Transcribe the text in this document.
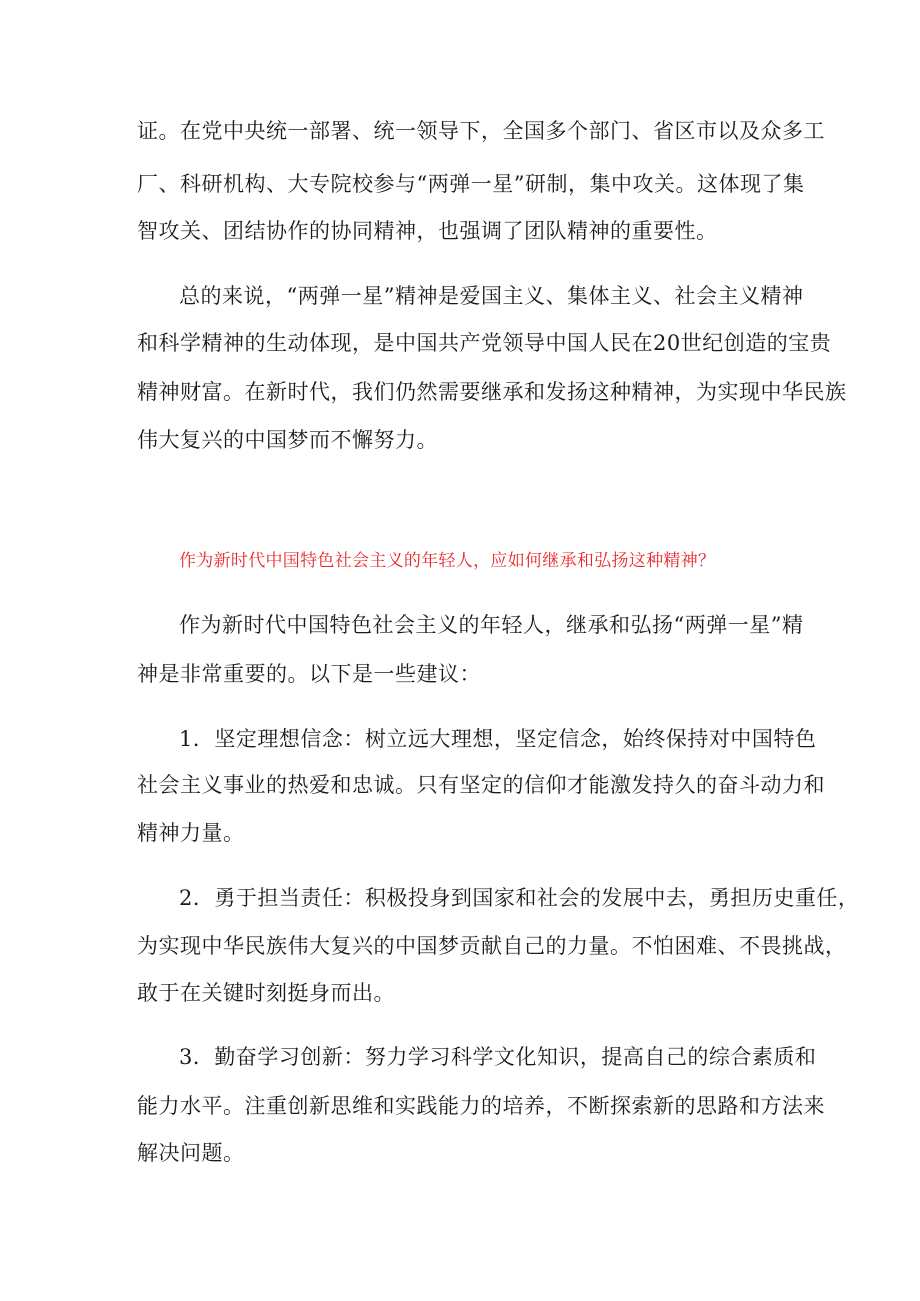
证。在党中央统一部署、统一领导下，全国多个部门、省区市以及众多工
厂、科研机构、大专院校参与“两弹一星”研制，集中攻关。这体现了集
智攻关、团结协作的协同精神，也强调了团队精神的重要性。
总的来说，“两弹一星”精神是爱国主义、集体主义、社会主义精神
和科学精神的生动体现，是中国共产党领导中国人民在20世纪创造的宝贵
精神财富。在新时代，我们仍然需要继承和发扬这种精神，为实现中华民族
伟大复兴的中国梦而不懈努力。
作为新时代中国特色社会主义的年轻人，应如何继承和弘扬这种精神？
作为新时代中国特色社会主义的年轻人，继承和弘扬“两弹一星”精
神是非常重要的。以下是一些建议：
1．坚定理想信念：树立远大理想，坚定信念，始终保持对中国特色
社会主义事业的热爱和忠诚。只有坚定的信仰才能激发持久的奋斗动力和
精神力量。
2．勇于担当责任：积极投身到国家和社会的发展中去，勇担历史重任，
为实现中华民族伟大复兴的中国梦贡献自己的力量。不怕困难、不畏挑战，
敢于在关键时刻挺身而出。
3．勤奋学习创新：努力学习科学文化知识，提高自己的综合素质和
能力水平。注重创新思维和实践能力的培养，不断探索新的思路和方法来
解决问题。
